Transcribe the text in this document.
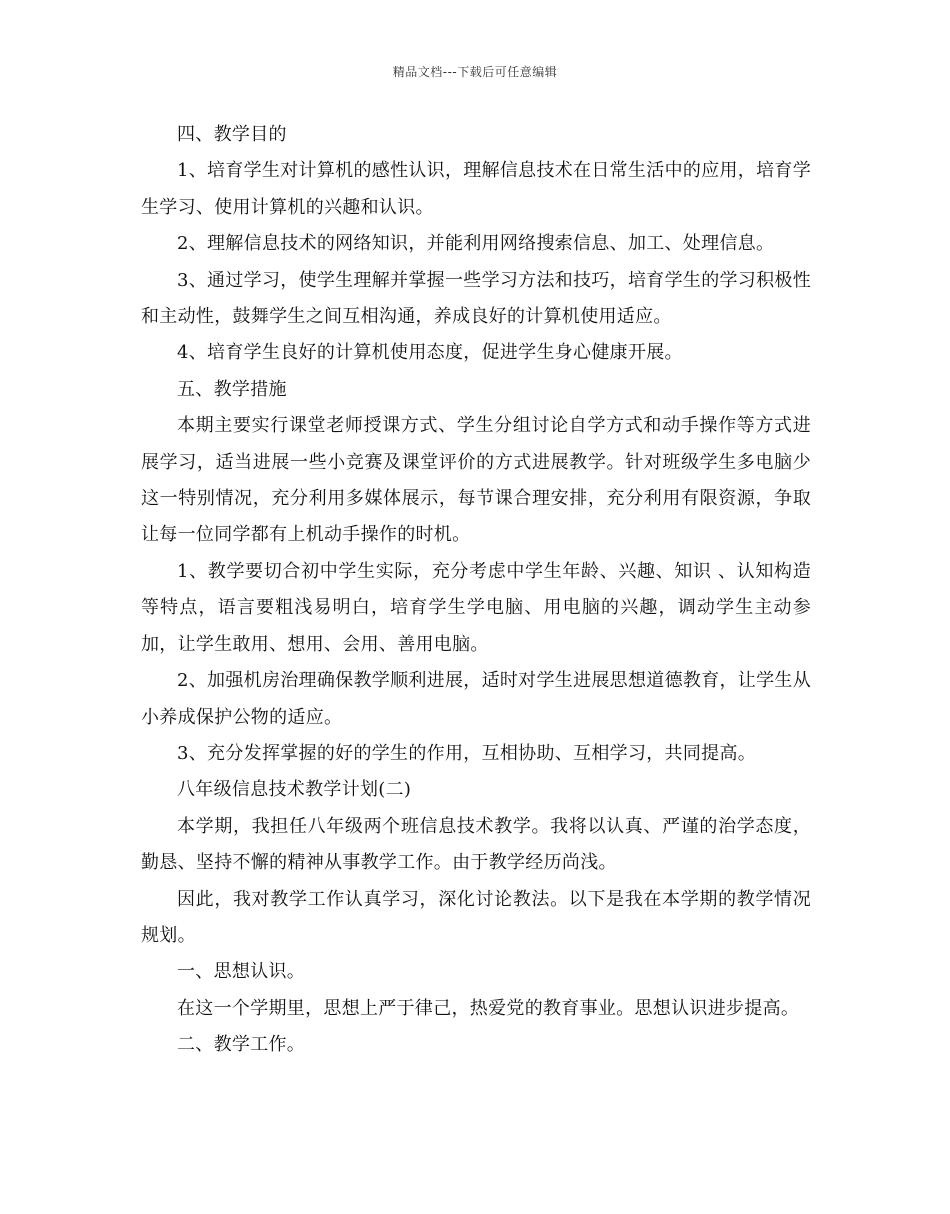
精品文档---下载后可任意编辑

四、教学目的

1、培育学生对计算机的感性认识，理解信息技术在日常生活中的应用，培育学生学习、使用计算机的兴趣和认识。

2、理解信息技术的网络知识，并能利用网络搜索信息、加工、处理信息。

3、通过学习，使学生理解并掌握一些学习方法和技巧，培育学生的学习积极性和主动性，鼓舞学生之间互相沟通，养成良好的计算机使用适应。

4、培育学生良好的计算机使用态度，促进学生身心健康开展。

五、教学措施

本期主要实行课堂老师授课方式、学生分组讨论自学方式和动手操作等方式进展学习，适当进展一些小竞赛及课堂评价的方式进展教学。针对班级学生多电脑少这一特别情况，充分利用多媒体展示，每节课合理安排，充分利用有限资源，争取让每一位同学都有上机动手操作的时机。

1、教学要切合初中学生实际，充分考虑中学生年龄、兴趣、知识 、认知构造等特点，语言要粗浅易明白，培育学生学电脑、用电脑的兴趣，调动学生主动参加，让学生敢用、想用、会用、善用电脑。

2、加强机房治理确保教学顺利进展，适时对学生进展思想道德教育，让学生从小养成保护公物的适应。

3、充分发挥掌握的好的学生的作用，互相协助、互相学习，共同提高。

八年级信息技术教学计划(二)

本学期，我担任八年级两个班信息技术教学。我将以认真、严谨的治学态度，勤恳、坚持不懈的精神从事教学工作。由于教学经历尚浅。

因此，我对教学工作认真学习，深化讨论教法。以下是我在本学期的教学情况规划。

一、思想认识。

在这一个学期里，思想上严于律己，热爱党的教育事业。思想认识进步提高。

二、教学工作。
